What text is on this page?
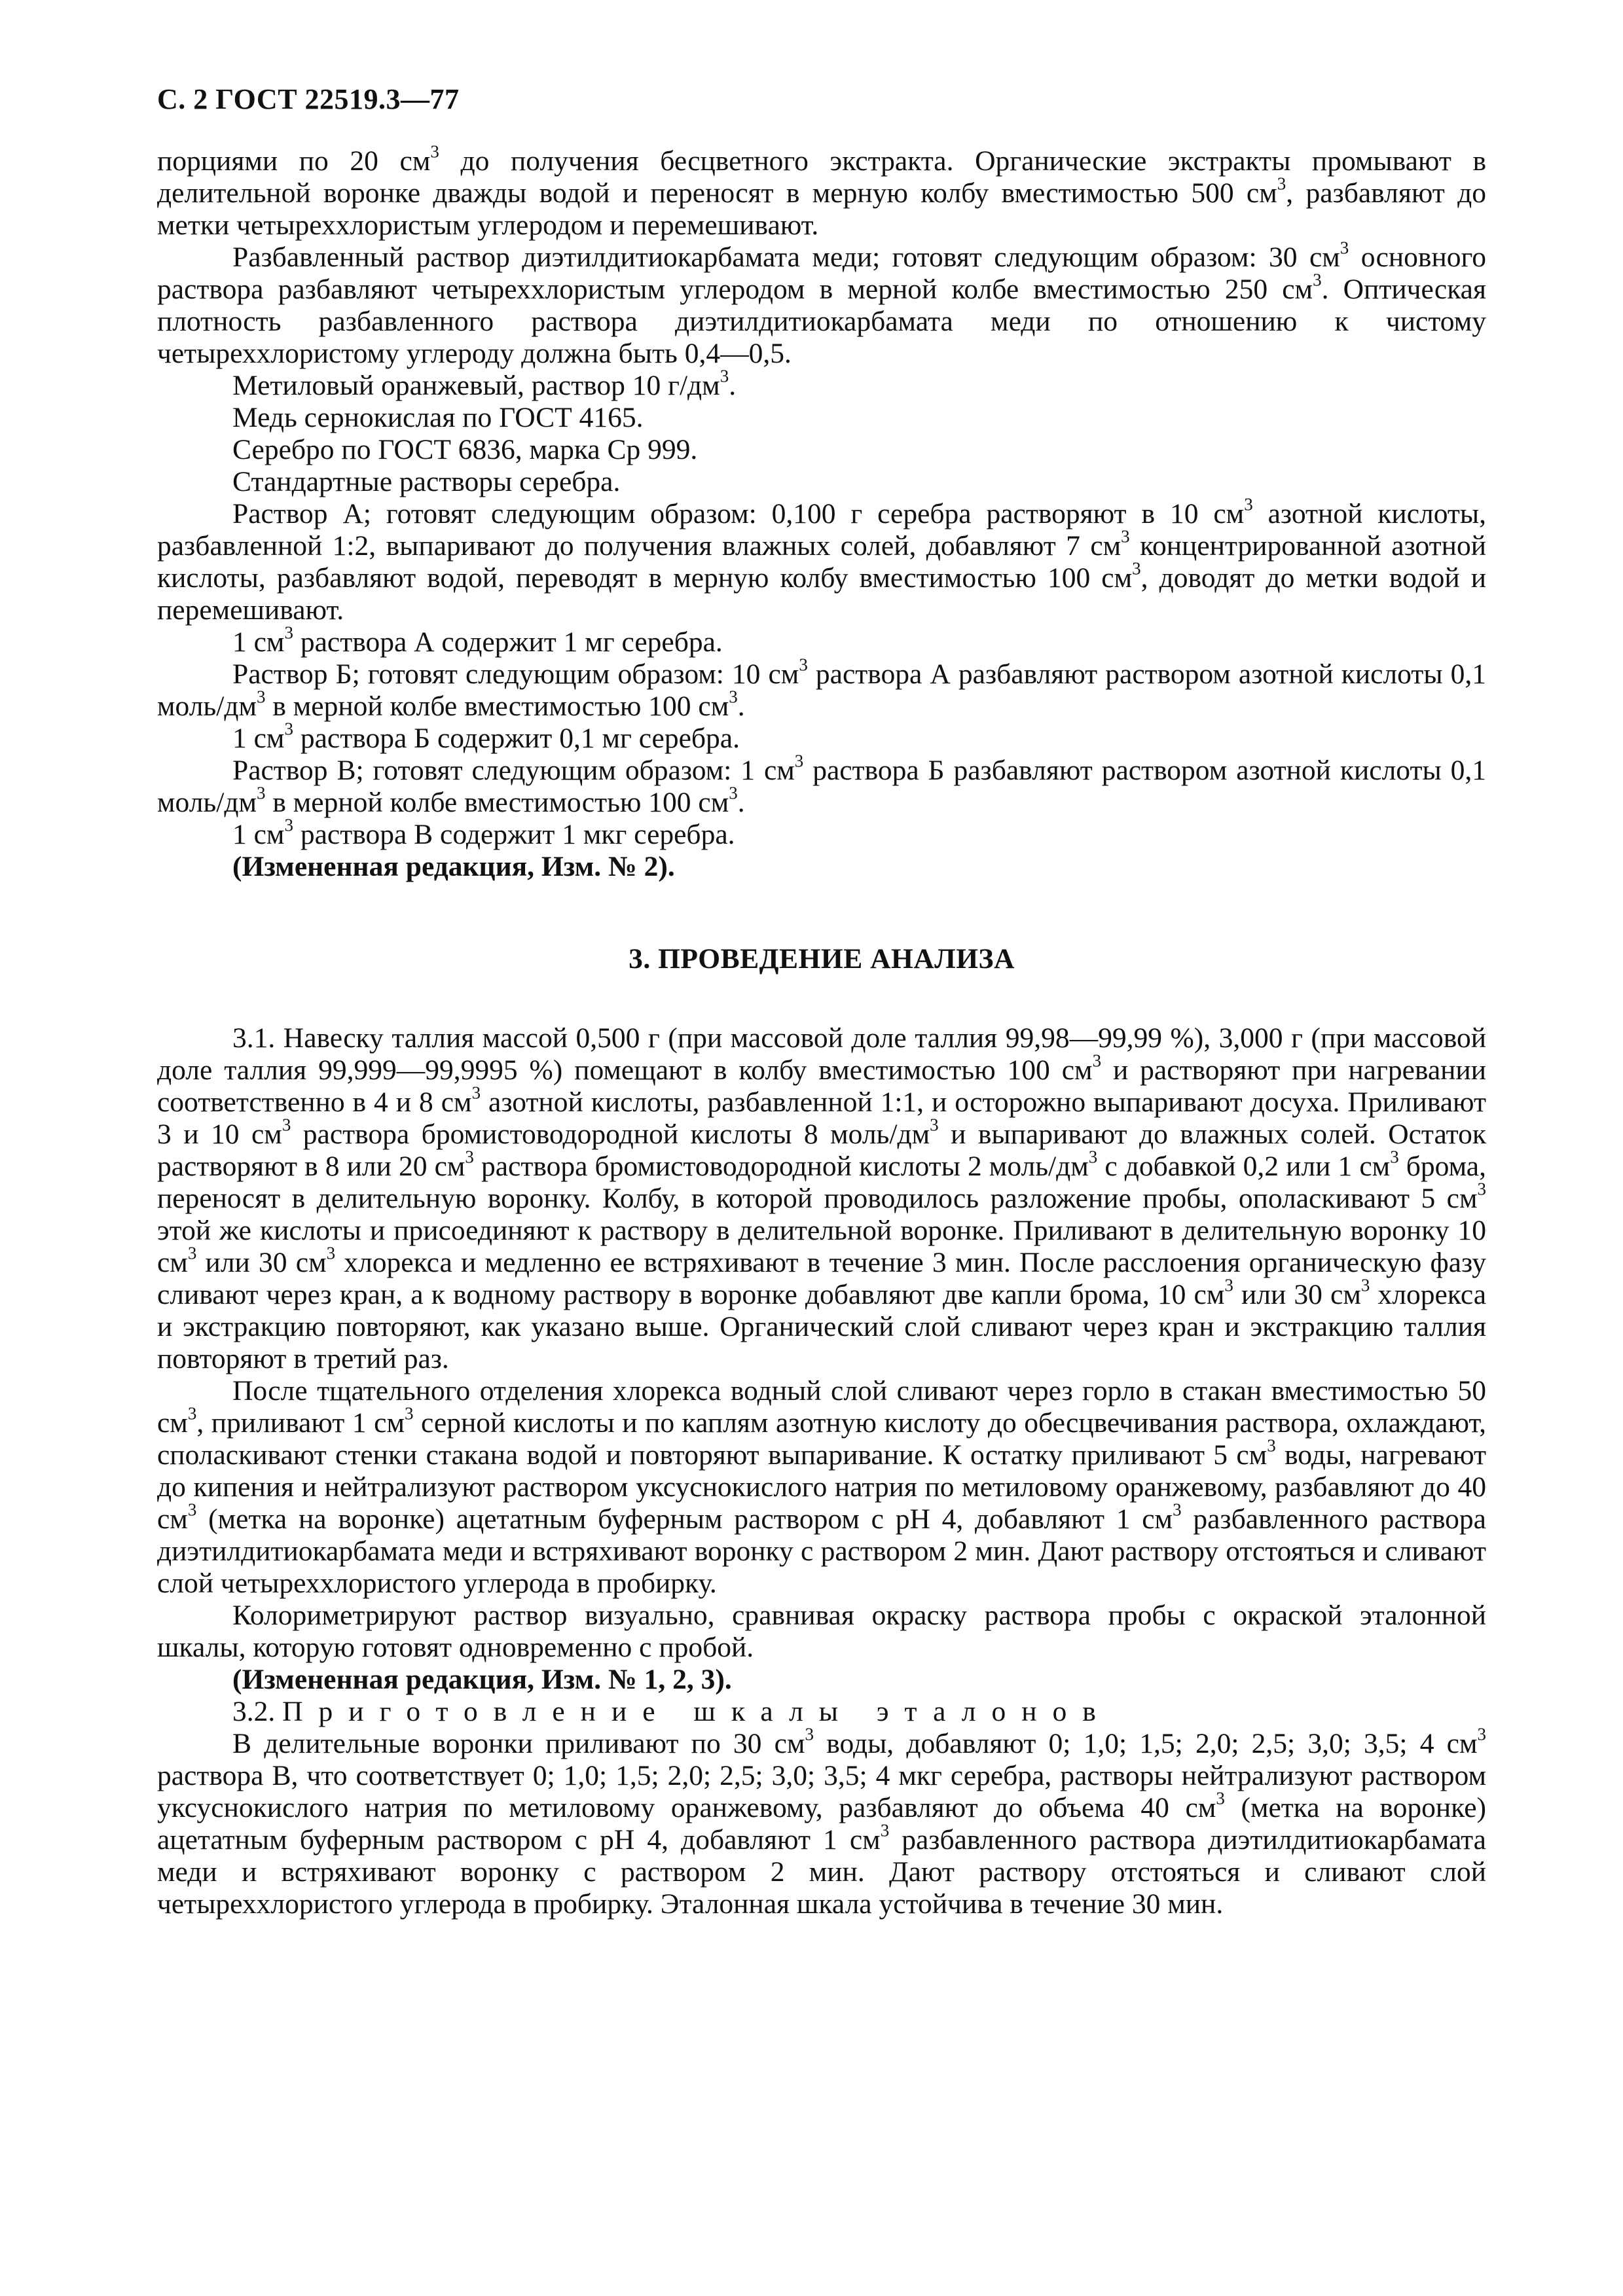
С. 2 ГОСТ 22519.3—77

порциями по 20 $см^3$ до получения бесцветного экстракта. Органические экстракты промывают в делительной воронке дважды водой и переносят в мерную колбу вместимостью 500 $см^3$, разбавляют до метки четыреххлористым углеродом и перемешивают.

Разбавленный раствор диэтилдитиокарбамата меди; готовят следующим образом: 30 $см^3$ основного раствора разбавляют четыреххлористым углеродом в мерной колбе вместимостью 250 $см^3$. Оптическая плотность разбавленного раствора диэтилдитиокарбамата меди по отношению к чистому четыреххлористому углероду должна быть 0,4—0,5.

Метиловый оранжевый, раствор 10 $г/дм^3$.

Медь сернокислая по ГОСТ 4165.

Серебро по ГОСТ 6836, марка Ср 999.

Стандартные растворы серебра.

Раствор А; готовят следующим образом: 0,100 г серебра растворяют в 10 $см^3$ азотной кислоты, разбавленной 1:2, выпаривают до получения влажных солей, добавляют 7 $см^3$ концентрированной азотной кислоты, разбавляют водой, переводят в мерную колбу вместимостью 100 $см^3$, доводят до метки водой и перемешивают.

1 $см^3$ раствора А содержит 1 мг серебра.

Раствор Б; готовят следующим образом: 10 $см^3$ раствора А разбавляют раствором азотной кислоты 0,1 моль/$дм^3$ в мерной колбе вместимостью 100 $см^3$.

1 $см^3$ раствора Б содержит 0,1 мг серебра.

Раствор В; готовят следующим образом: 1 $см^3$ раствора Б разбавляют раствором азотной кислоты 0,1 моль/$дм^3$ в мерной колбе вместимостью 100 $см^3$.

1 $см^3$ раствора В содержит 1 мкг серебра.

(Измененная редакция, Изм. № 2).

3. ПРОВЕДЕНИЕ АНАЛИЗА

3.1. Навеску таллия массой 0,500 г (при массовой доле таллия 99,98—99,99 %), 3,000 г (при массовой доле таллия 99,999—99,9995 %) помещают в колбу вместимостью 100 $см^3$ и растворяют при нагревании соответственно в 4 и 8 $см^3$ азотной кислоты, разбавленной 1:1, и осторожно выпаривают досуха. Приливают 3 и 10 $см^3$ раствора бромистоводородной кислоты 8 моль/$дм^3$ и выпаривают до влажных солей. Остаток растворяют в 8 или 20 $см^3$ раствора бромистоводородной кислоты 2 моль/$дм^3$ с добавкой 0,2 или 1 $см^3$ брома, переносят в делительную воронку. Колбу, в которой проводилось разложение пробы, ополаскивают 5 $см^3$ этой же кислоты и присоединяют к раствору в делительной воронке. Приливают в делительную воронку 10 $см^3$ или 30 $см^3$ хлорекса и медленно ее встряхивают в течение 3 мин. После расслоения органическую фазу сливают через кран, а к водному раствору в воронке добавляют две капли брома, 10 $см^3$ или 30 $см^3$ хлорекса и экстракцию повторяют, как указано выше. Органический слой сливают через кран и экстракцию таллия повторяют в третий раз.

После тщательного отделения хлорекса водный слой сливают через горло в стакан вместимостью 50 $см^3$, приливают 1 $см^3$ серной кислоты и по каплям азотную кислоту до обесцвечивания раствора, охлаждают, споласкивают стенки стакана водой и повторяют выпаривание. К остатку приливают 5 $см^3$ воды, нагревают до кипения и нейтрализуют раствором уксуснокислого натрия по метиловому оранжевому, разбавляют до 40 $см^3$ (метка на воронке) ацетатным буферным раствором с pH 4, добавляют 1 $см^3$ разбавленного раствора диэтилдитиокарбамата меди и встряхивают воронку с раствором 2 мин. Дают раствору отстояться и сливают слой четыреххлористого углерода в пробирку.

Колориметрируют раствор визуально, сравнивая окраску раствора пробы с окраской эталонной шкалы, которую готовят одновременно с пробой.

(Измененная редакция, Изм. № 1, 2, 3).

3.2. Приготовление шкалы эталонов

В делительные воронки приливают по 30 $см^3$ воды, добавляют 0; 1,0; 1,5; 2,0; 2,5; 3,0; 3,5; 4 $см^3$ раствора В, что соответствует 0; 1,0; 1,5; 2,0; 2,5; 3,0; 3,5; 4 мкг серебра, растворы нейтрализуют раствором уксуснокислого натрия по метиловому оранжевому, разбавляют до объема 40 $см^3$ (метка на воронке) ацетатным буферным раствором с pH 4, добавляют 1 $см^3$ разбавленного раствора диэтилдитиокарбамата меди и встряхивают воронку с раствором 2 мин. Дают раствору отстояться и сливают слой четыреххлористого углерода в пробирку. Эталонная шкала устойчива в течение 30 мин.
